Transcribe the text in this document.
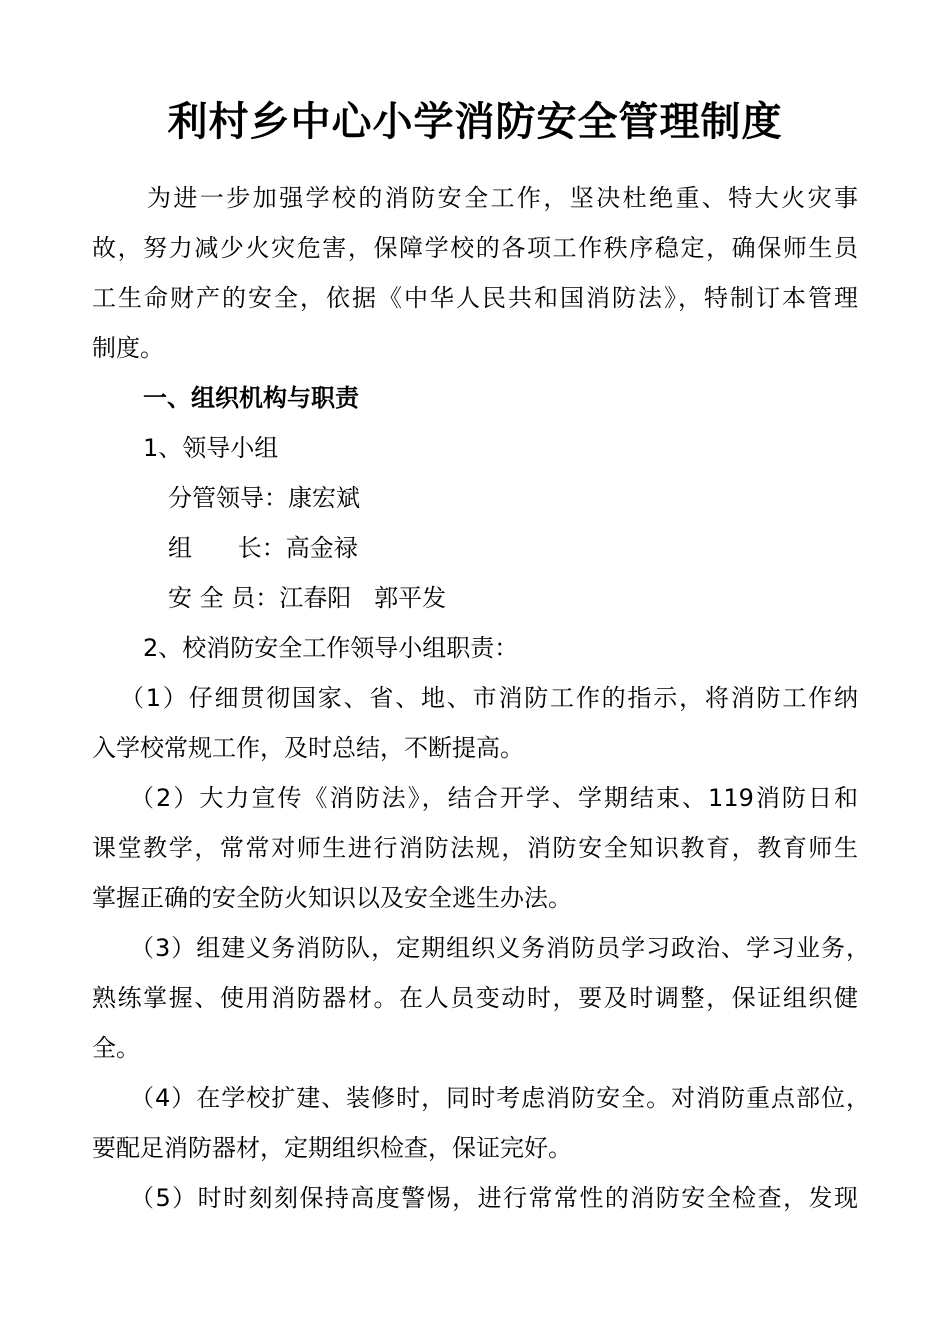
利村乡中心小学消防安全管理制度
为进一步加强学校的消防安全工作，坚决杜绝重、特大火灾事
故，努力减少火灾危害，保障学校的各项工作秩序稳定，确保师生员
工生命财产的安全，依据《中华人民共和国消防法》，特制订本管理
制度。
一、组织机构与职责
1、领导小组
分管领导：康宏斌
组      长：高金禄
安 全 员：江春阳   郭平发
2、校消防安全工作领导小组职责：
（1）仔细贯彻国家、省、地、市消防工作的指示，将消防工作纳
入学校常规工作，及时总结，不断提高。
（2）大力宣传《消防法》，结合开学、学期结束、119消防日和
课堂教学，常常对师生进行消防法规，消防安全知识教育，教育师生
掌握正确的安全防火知识以及安全逃生办法。
（3）组建义务消防队，定期组织义务消防员学习政治、学习业务，
熟练掌握、使用消防器材。在人员变动时，要及时调整，保证组织健
全。
（4）在学校扩建、装修时，同时考虑消防安全。对消防重点部位，
要配足消防器材，定期组织检查，保证完好。
（5）时时刻刻保持高度警惕，进行常常性的消防安全检查，发现
